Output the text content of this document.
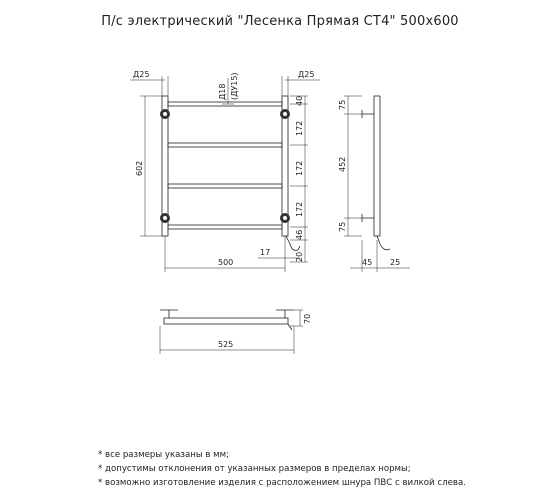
П/с электрический "Лесенка Прямая СТ4" 500x600
Д25	Д25
Д18 (ДУ15)
602
500
17
40
172
172
172
46
20
75
452
75
45 25
70
525
* все размеры указаны в мм;
* допустимы отклонения от указанных размеров в пределах нормы;
* возможно изготовление изделия с расположением шнура ПВС с вилкой слева.
